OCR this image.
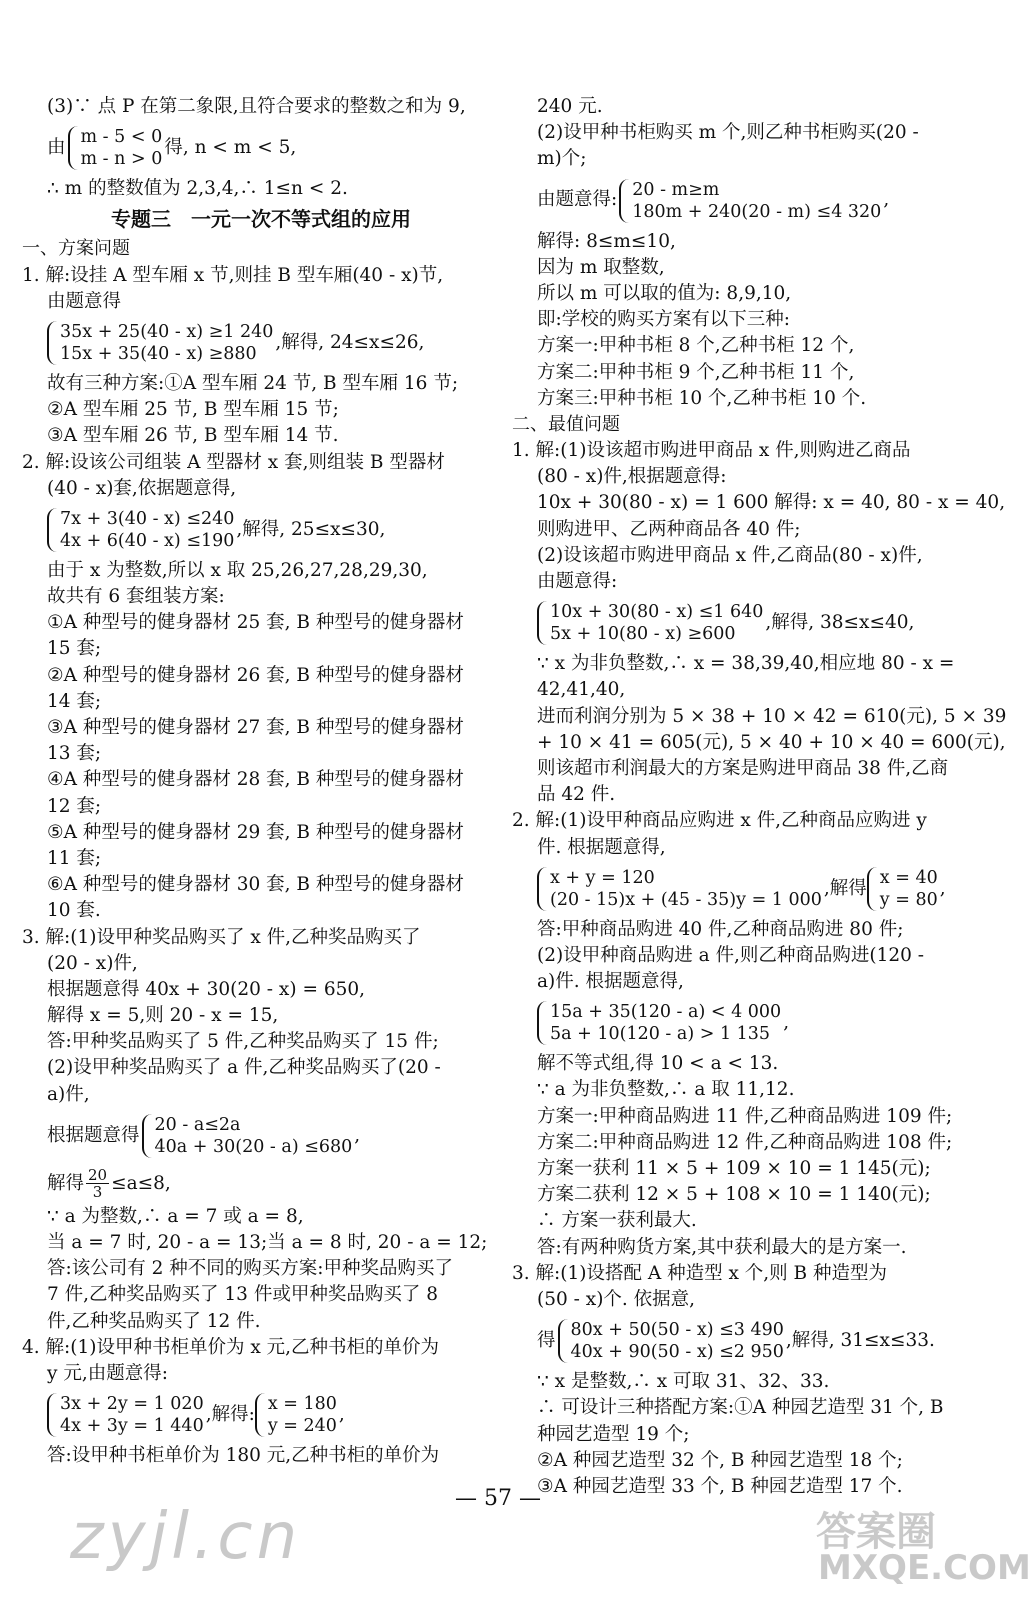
(3)∵ 点 P 在第二象限,且符合要求的整数之和为 9,
由 m - 5 < 0
m - n > 0
得, n < m < 5,
∴ m 的整数值为 2,3,4,∴ 1≤n < 2.
专题三　一元一次不等式组的应用
一、方案问题
1. 解:设挂 A 型车厢 x 节,则挂 B 型车厢(40 - x)节,
由题意得
35x + 25(40 - x) ≥1 240
15x + 35(40 - x) ≥880
,解得, 24≤x≤26,
故有三种方案:①A 型车厢 24 节, B 型车厢 16 节;
②A 型车厢 25 节, B 型车厢 15 节;
③A 型车厢 26 节, B 型车厢 14 节.
2. 解:设该公司组装 A 型器材 x 套,则组装 B 型器材
(40 - x)套,依据题意得,
7x + 3(40 - x) ≤240
4x + 6(40 - x) ≤190
,解得, 25≤x≤30,
由于 x 为整数,所以 x 取 25,26,27,28,29,30,
故共有 6 套组装方案:
①A 种型号的健身器材 25 套, B 种型号的健身器材
15 套;
②A 种型号的健身器材 26 套, B 种型号的健身器材
14 套;
③A 种型号的健身器材 27 套, B 种型号的健身器材
13 套;
④A 种型号的健身器材 28 套, B 种型号的健身器材
12 套;
⑤A 种型号的健身器材 29 套, B 种型号的健身器材
11 套;
⑥A 种型号的健身器材 30 套, B 种型号的健身器材
10 套.
3. 解:(1)设甲种奖品购买了 x 件,乙种奖品购买了
(20 - x)件,
根据题意得 40x + 30(20 - x) = 650,
解得 x = 5,则 20 - x = 15,
答:甲种奖品购买了 5 件,乙种奖品购买了 15 件;
(2)设甲种奖品购买了 a 件,乙种奖品购买了(20 -
a)件,
根据题意得 20 - a≤2a
40a + 30(20 - a) ≤680
,
解得 $\frac{20}{3} \le a\le 8$,
∵ a 为整数,∴ a = 7 或 a = 8,
当 a = 7 时, 20 - a = 13;当 a = 8 时, 20 - a = 12;
答:该公司有 2 种不同的购买方案:甲种奖品购买了
7 件,乙种奖品购买了 13 件或甲种奖品购买了 8
件,乙种奖品购买了 12 件.
4. 解:(1)设甲种书柜单价为 x 元,乙种书柜的单价为
y 元,由题意得:
3x + 2y = 1 020
4x + 3y = 1 440
,解得: x = 180
y = 240
,
答:设甲种书柜单价为 180 元,乙种书柜的单价为
240 元.
(2)设甲种书柜购买 m 个,则乙种书柜购买(20 -
m)个;
由题意得: 20 - m≥m
180m + 240(20 - m) ≤4 320
,
解得: 8≤m≤10,
因为 m 取整数,
所以 m 可以取的值为: 8,9,10,
即:学校的购买方案有以下三种:
方案一:甲种书柜 8 个,乙种书柜 12 个,
方案二:甲种书柜 9 个,乙种书柜 11 个,
方案三:甲种书柜 10 个,乙种书柜 10 个.
二、最值问题
1. 解:(1)设该超市购进甲商品 x 件,则购进乙商品
(80 - x)件,根据题意得:
10x + 30(80 - x) = 1 600 解得: x = 40, 80 - x = 40,
则购进甲、乙两种商品各 40 件;
(2)设该超市购进甲商品 x 件,乙商品(80 - x)件,
由题意得:
10x + 30(80 - x) ≤1 640
5x + 10(80 - x) ≥600
,解得, 38≤x≤40,
∵ x 为非负整数,∴ x = 38,39,40,相应地 80 - x =
42,41,40,
进而利润分别为 5 × 38 + 10 × 42 = 610(元), 5 × 39
+ 10 × 41 = 605(元), 5 × 40 + 10 × 40 = 600(元),
则该超市利润最大的方案是购进甲商品 38 件,乙商
品 42 件.
2. 解:(1)设甲种商品应购进 x 件,乙种商品应购进 y
件. 根据题意得,
x + y = 120
(20 - 15)x + (45 - 35)y = 1 000
,解得 x = 40
y = 80
,
答:甲种商品购进 40 件,乙种商品购进 80 件;
(2)设甲种商品购进 a 件,则乙种商品购进(120 -
a)件. 根据题意得,
15a + 35(120 - a) < 4 000
5a + 10(120 - a) > 1 135
,
解不等式组,得 10 < a < 13.
∵ a 为非负整数,∴ a 取 11,12.
方案一:甲种商品购进 11 件,乙种商品购进 109 件;
方案二:甲种商品购进 12 件,乙种商品购进 108 件;
方案一获利 11 × 5 + 109 × 10 = 1 145(元);
方案二获利 12 × 5 + 108 × 10 = 1 140(元);
∴ 方案一获利最大.
答:有两种购货方案,其中获利最大的是方案一.
3. 解:(1)设搭配 A 种造型 x 个,则 B 种造型为
(50 - x)个. 依据意,
得 80x + 50(50 - x) ≤3 490
40x + 90(50 - x) ≤2 950
,解得, 31≤x≤33.
∵ x 是整数,∴ x 可取 31、32、33.
∴ 可设计三种搭配方案:①A 种园艺造型 31 个, B
种园艺造型 19 个;
②A 种园艺造型 32 个, B 种园艺造型 18 个;
③A 种园艺造型 33 个, B 种园艺造型 17 个.
— 57 —
zyjl.cn	答案圈
MXQE.COM
